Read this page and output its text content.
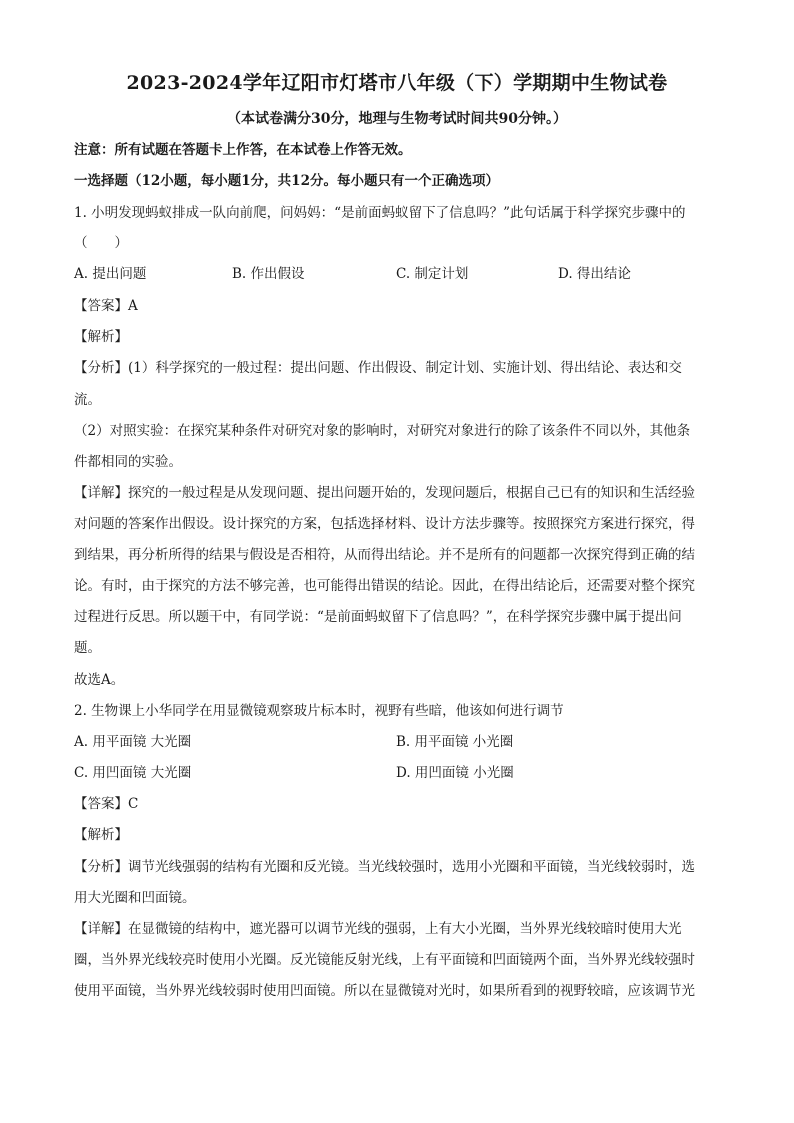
2023-2024学年辽阳市灯塔市八年级（下）学期期中生物试卷
（本试卷满分30分，地理与生物考试时间共90分钟。）
注意：所有试题在答题卡上作答，在本试卷上作答无效。
一选择题（12小题，每小题1分，共12分。每小题只有一个正确选项）
1. 小明发现蚂蚁排成一队向前爬，问妈妈：“是前面蚂蚁留下了信息吗？”此句话属于科学探究步骤中的
（　　）
A. 提出问题	B. 作出假设	C. 制定计划	D. 得出结论
【答案】A
【解析】
【分析】(1）科学探究的一般过程：提出问题、作出假设、制定计划、实施计划、得出结论、表达和交
流。
（2）对照实验：在探究某种条件对研究对象的影响时，对研究对象进行的除了该条件不同以外，其他条
件都相同的实验。
【详解】探究的一般过程是从发现问题、提出问题开始的，发现问题后，根据自己已有的知识和生活经验
对问题的答案作出假设。设计探究的方案，包括选择材料、设计方法步骤等。按照探究方案进行探究，得
到结果，再分析所得的结果与假设是否相符，从而得出结论。并不是所有的问题都一次探究得到正确的结
论。有时，由于探究的方法不够完善，也可能得出错误的结论。因此，在得出结论后，还需要对整个探究
过程进行反思。所以题干中，有同学说：“是前面蚂蚁留下了信息吗？”，在科学探究步骤中属于提出问
题。
故选A。
2. 生物课上小华同学在用显微镜观察玻片标本时，视野有些暗，他该如何进行调节
A. 用平面镜 大光圈	B. 用平面镜 小光圈
C. 用凹面镜 大光圈	D. 用凹面镜 小光圈
【答案】C
【解析】
【分析】调节光线强弱的结构有光圈和反光镜。当光线较强时，选用小光圈和平面镜，当光线较弱时，选
用大光圈和凹面镜。
【详解】在显微镜的结构中，遮光器可以调节光线的强弱，上有大小光圈，当外界光线较暗时使用大光
圈，当外界光线较亮时使用小光圈。反光镜能反射光线，上有平面镜和凹面镜两个面，当外界光线较强时
使用平面镜，当外界光线较弱时使用凹面镜。所以在显微镜对光时，如果所看到的视野较暗，应该调节光
